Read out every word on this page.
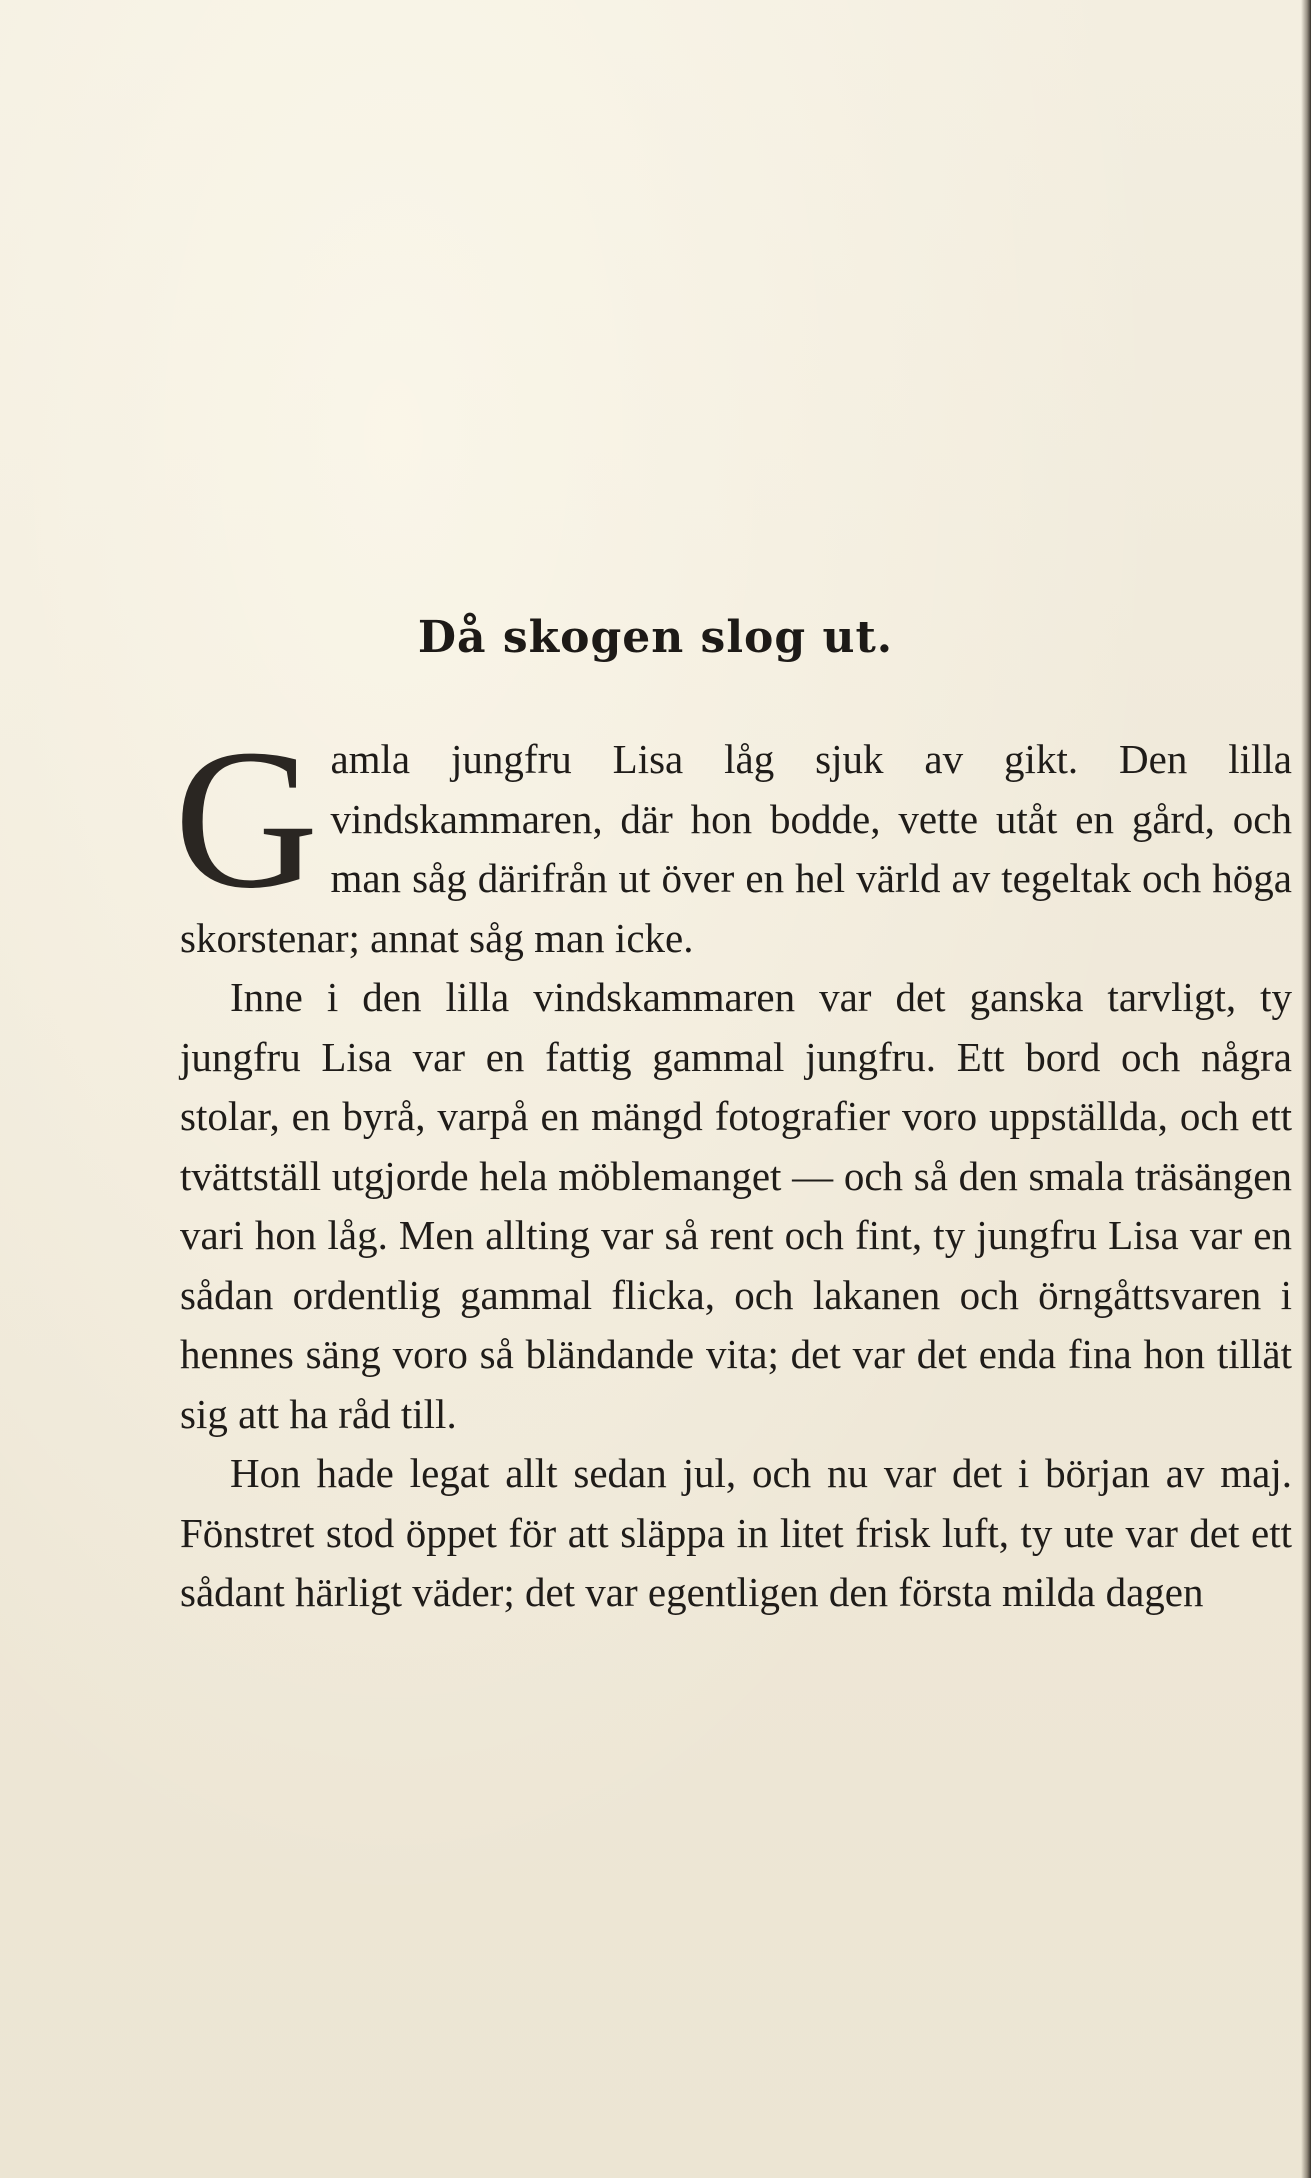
Då skogen slog ut.

Gamla jungfru Lisa låg sjuk av gikt. Den lilla vindskammaren, där hon bodde, vette utåt en gård, och man såg därifrån ut över en hel värld av tegeltak och höga skorstenar; annat såg man icke.

Inne i den lilla vindskammaren var det ganska tarvligt, ty jungfru Lisa var en fattig gammal jungfru. Ett bord och några stolar, en byrå, varpå en mängd fotografier voro uppställda, och ett tvättställ utgjorde hela möblemanget — och så den smala träsängen vari hon låg. Men allting var så rent och fint, ty jungfru Lisa var en sådan ordentlig gammal flicka, och lakanen och örngåttsvaren i hennes säng voro så bländande vita; det var det enda fina hon tillät sig att ha råd till.

Hon hade legat allt sedan jul, och nu var det i början av maj. Fönstret stod öppet för att släppa in litet frisk luft, ty ute var det ett sådant härligt väder; det var egentligen den första milda dagen
